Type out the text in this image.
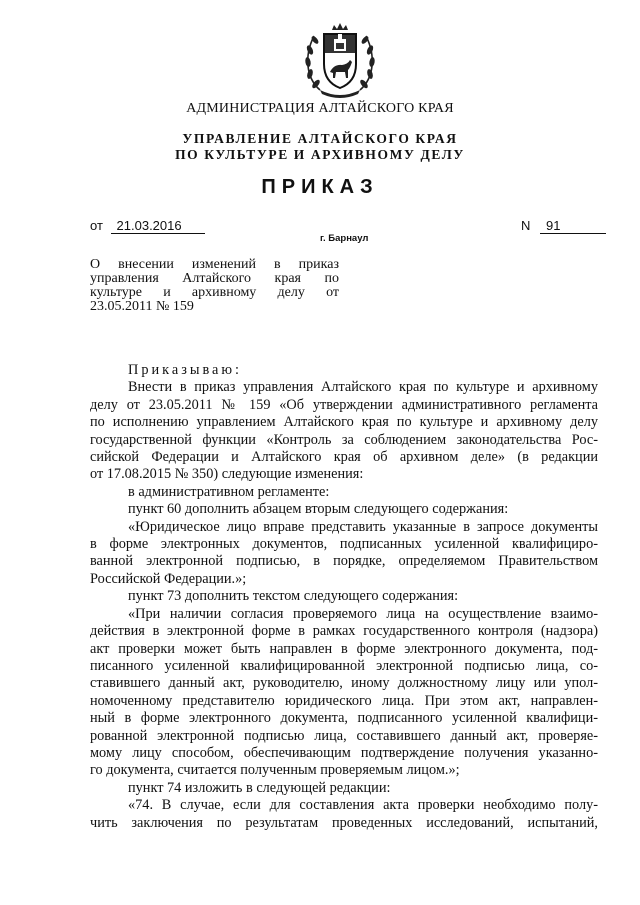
АДМИНИСТРАЦИЯ АЛТАЙСКОГО КРАЯ
УПРАВЛЕНИЕ АЛТАЙСКОГО КРАЯ
ПО КУЛЬТУРЕ И АРХИВНОМУ ДЕЛУ
ПРИКАЗ
от 21.03.2016	N 91
г. Барнаул
О внесении изменений в приказ
управления Алтайского края по
культуре и архивному делу от
23.05.2011 № 159
Приказываю:
Внести в приказ управления Алтайского края по культуре и архивному
делу от 23.05.2011 № 159 «Об утверждении административного регламента
по исполнению управлением Алтайского края по культуре и архивному делу
государственной функции «Контроль за соблюдением законодательства Рос-
сийской Федерации и Алтайского края об архивном деле» (в редакции
от 17.08.2015 № 350) следующие изменения:
в административном регламенте:
пункт 60 дополнить абзацем вторым следующего содержания:
«Юридическое лицо вправе представить указанные в запросе документы
в форме электронных документов, подписанных усиленной квалифициро-
ванной электронной подписью, в порядке, определяемом Правительством
Российской Федерации.»;
пункт 73 дополнить текстом следующего содержания:
«При наличии согласия проверяемого лица на осуществление взаимо-
действия в электронной форме в рамках государственного контроля (надзора)
акт проверки может быть направлен в форме электронного документа, под-
писанного усиленной квалифицированной электронной подписью лица, со-
ставившего данный акт, руководителю, иному должностному лицу или упол-
номоченному представителю юридического лица. При этом акт, направлен-
ный в форме электронного документа, подписанного усиленной квалифици-
рованной электронной подписью лица, составившего данный акт, проверяе-
мому лицу способом, обеспечивающим подтверждение получения указанно-
го документа, считается полученным проверяемым лицом.»;
пункт 74 изложить в следующей редакции:
«74. В случае, если для составления акта проверки необходимо полу-
чить заключения по результатам проведенных исследований, испытаний,
